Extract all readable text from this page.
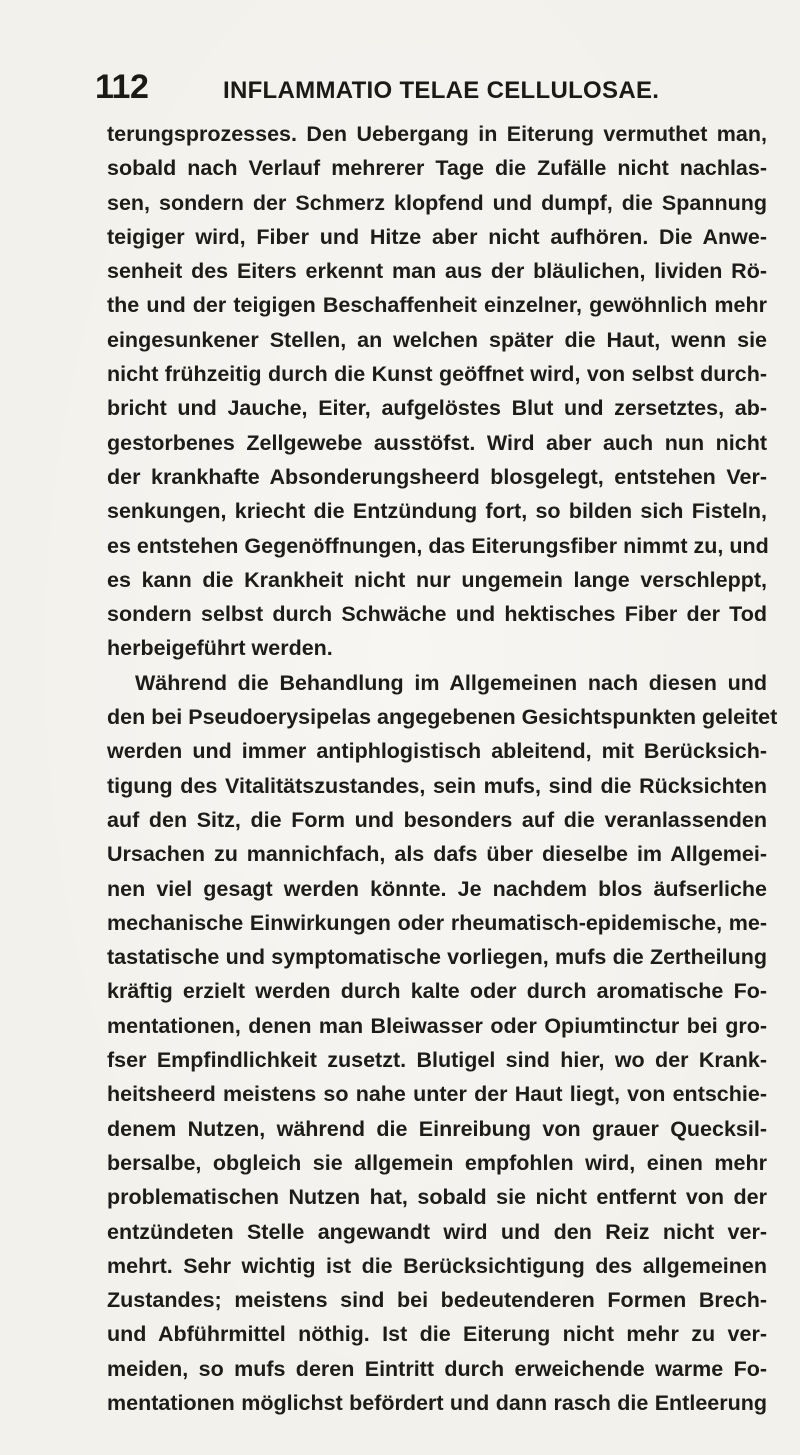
112	INFLAMMATIO TELAE CELLULOSAE.
terungsprozesses. Den Uebergang in Eiterung vermuthet man,
sobald nach Verlauf mehrerer Tage die Zufälle nicht nachlas-
sen, sondern der Schmerz klopfend und dumpf, die Spannung
teigiger wird, Fiber und Hitze aber nicht aufhören. Die Anwe-
senheit des Eiters erkennt man aus der bläulichen, lividen Rö-
the und der teigigen Beschaffenheit einzelner, gewöhnlich mehr
eingesunkener Stellen, an welchen später die Haut, wenn sie
nicht frühzeitig durch die Kunst geöffnet wird, von selbst durch-
bricht und Jauche, Eiter, aufgelöstes Blut und zersetztes, ab-
gestorbenes Zellgewebe ausstöfst. Wird aber auch nun nicht
der krankhafte Absonderungsheerd blosgelegt, entstehen Ver-
senkungen, kriecht die Entzündung fort, so bilden sich Fisteln,
es entstehen Gegenöffnungen, das Eiterungsfiber nimmt zu, und
es kann die Krankheit nicht nur ungemein lange verschleppt,
sondern selbst durch Schwäche und hektisches Fiber der Tod
herbeigeführt werden.
Während die Behandlung im Allgemeinen nach diesen und
den bei Pseudoerysipelas angegebenen Gesichtspunkten geleitet
werden und immer antiphlogistisch ableitend, mit Berücksich-
tigung des Vitalitätszustandes, sein mufs, sind die Rücksichten
auf den Sitz, die Form und besonders auf die veranlassenden
Ursachen zu mannichfach, als dafs über dieselbe im Allgemei-
nen viel gesagt werden könnte. Je nachdem blos äufserliche
mechanische Einwirkungen oder rheumatisch-epidemische, me-
tastatische und symptomatische vorliegen, mufs die Zertheilung
kräftig erzielt werden durch kalte oder durch aromatische Fo-
mentationen, denen man Bleiwasser oder Opiumtinctur bei gro-
fser Empfindlichkeit zusetzt. Blutigel sind hier, wo der Krank-
heitsheerd meistens so nahe unter der Haut liegt, von entschie-
denem Nutzen, während die Einreibung von grauer Quecksil-
bersalbe, obgleich sie allgemein empfohlen wird, einen mehr
problematischen Nutzen hat, sobald sie nicht entfernt von der
entzündeten Stelle angewandt wird und den Reiz nicht ver-
mehrt. Sehr wichtig ist die Berücksichtigung des allgemeinen
Zustandes; meistens sind bei bedeutenderen Formen Brech-
und Abführmittel nöthig. Ist die Eiterung nicht mehr zu ver-
meiden, so mufs deren Eintritt durch erweichende warme Fo-
mentationen möglichst befördert und dann rasch die Entleerung
